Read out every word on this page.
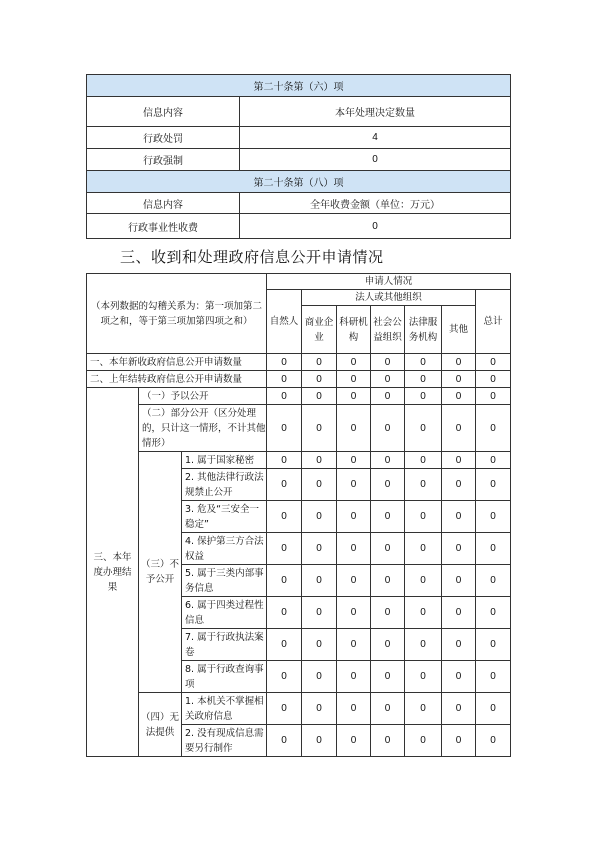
第二十条第（六）项	
信息内容	本年处理决定数量
行政处罚	4
行政强制	0
第二十条第（八）项	
信息内容	全年收费金额（单位：万元）
行政事业性收费	0
三、收到和处理政府信息公开申请情况
（本列数据的勾稽关系为：第一项加第二项之和，等于第三项加第四项之和）			申请人情况						
			自然人	法人或其他组织					总计
				商业企业	科研机构	社会公益组织	法律服务机构	其他	
一、本年新收政府信息公开申请数量			0	0	0	0	0	0	0
二、上年结转政府信息公开申请数量			0	0	0	0	0	0	0
三、本年度办理结果	（一）予以公开		0	0	0	0	0	0	0
	（二）部分公开（区分处理的，只计这一情形，不计其他情形）		0	0	0	0	0	0	0
	（三）不予公开	1. 属于国家秘密	0	0	0	0	0	0	0
		2. 其他法律行政法规禁止公开	0	0	0	0	0	0	0
		3. 危及“三安全一稳定”	0	0	0	0	0	0	0
		4. 保护第三方合法权益	0	0	0	0	0	0	0
		5. 属于三类内部事务信息	0	0	0	0	0	0	0
		6. 属于四类过程性信息	0	0	0	0	0	0	0
		7. 属于行政执法案卷	0	0	0	0	0	0	0
		8. 属于行政查询事项	0	0	0	0	0	0	0
	（四）无法提供	1. 本机关不掌握相关政府信息	0	0	0	0	0	0	0
		2. 没有现成信息需要另行制作	0	0	0	0	0	0	0
